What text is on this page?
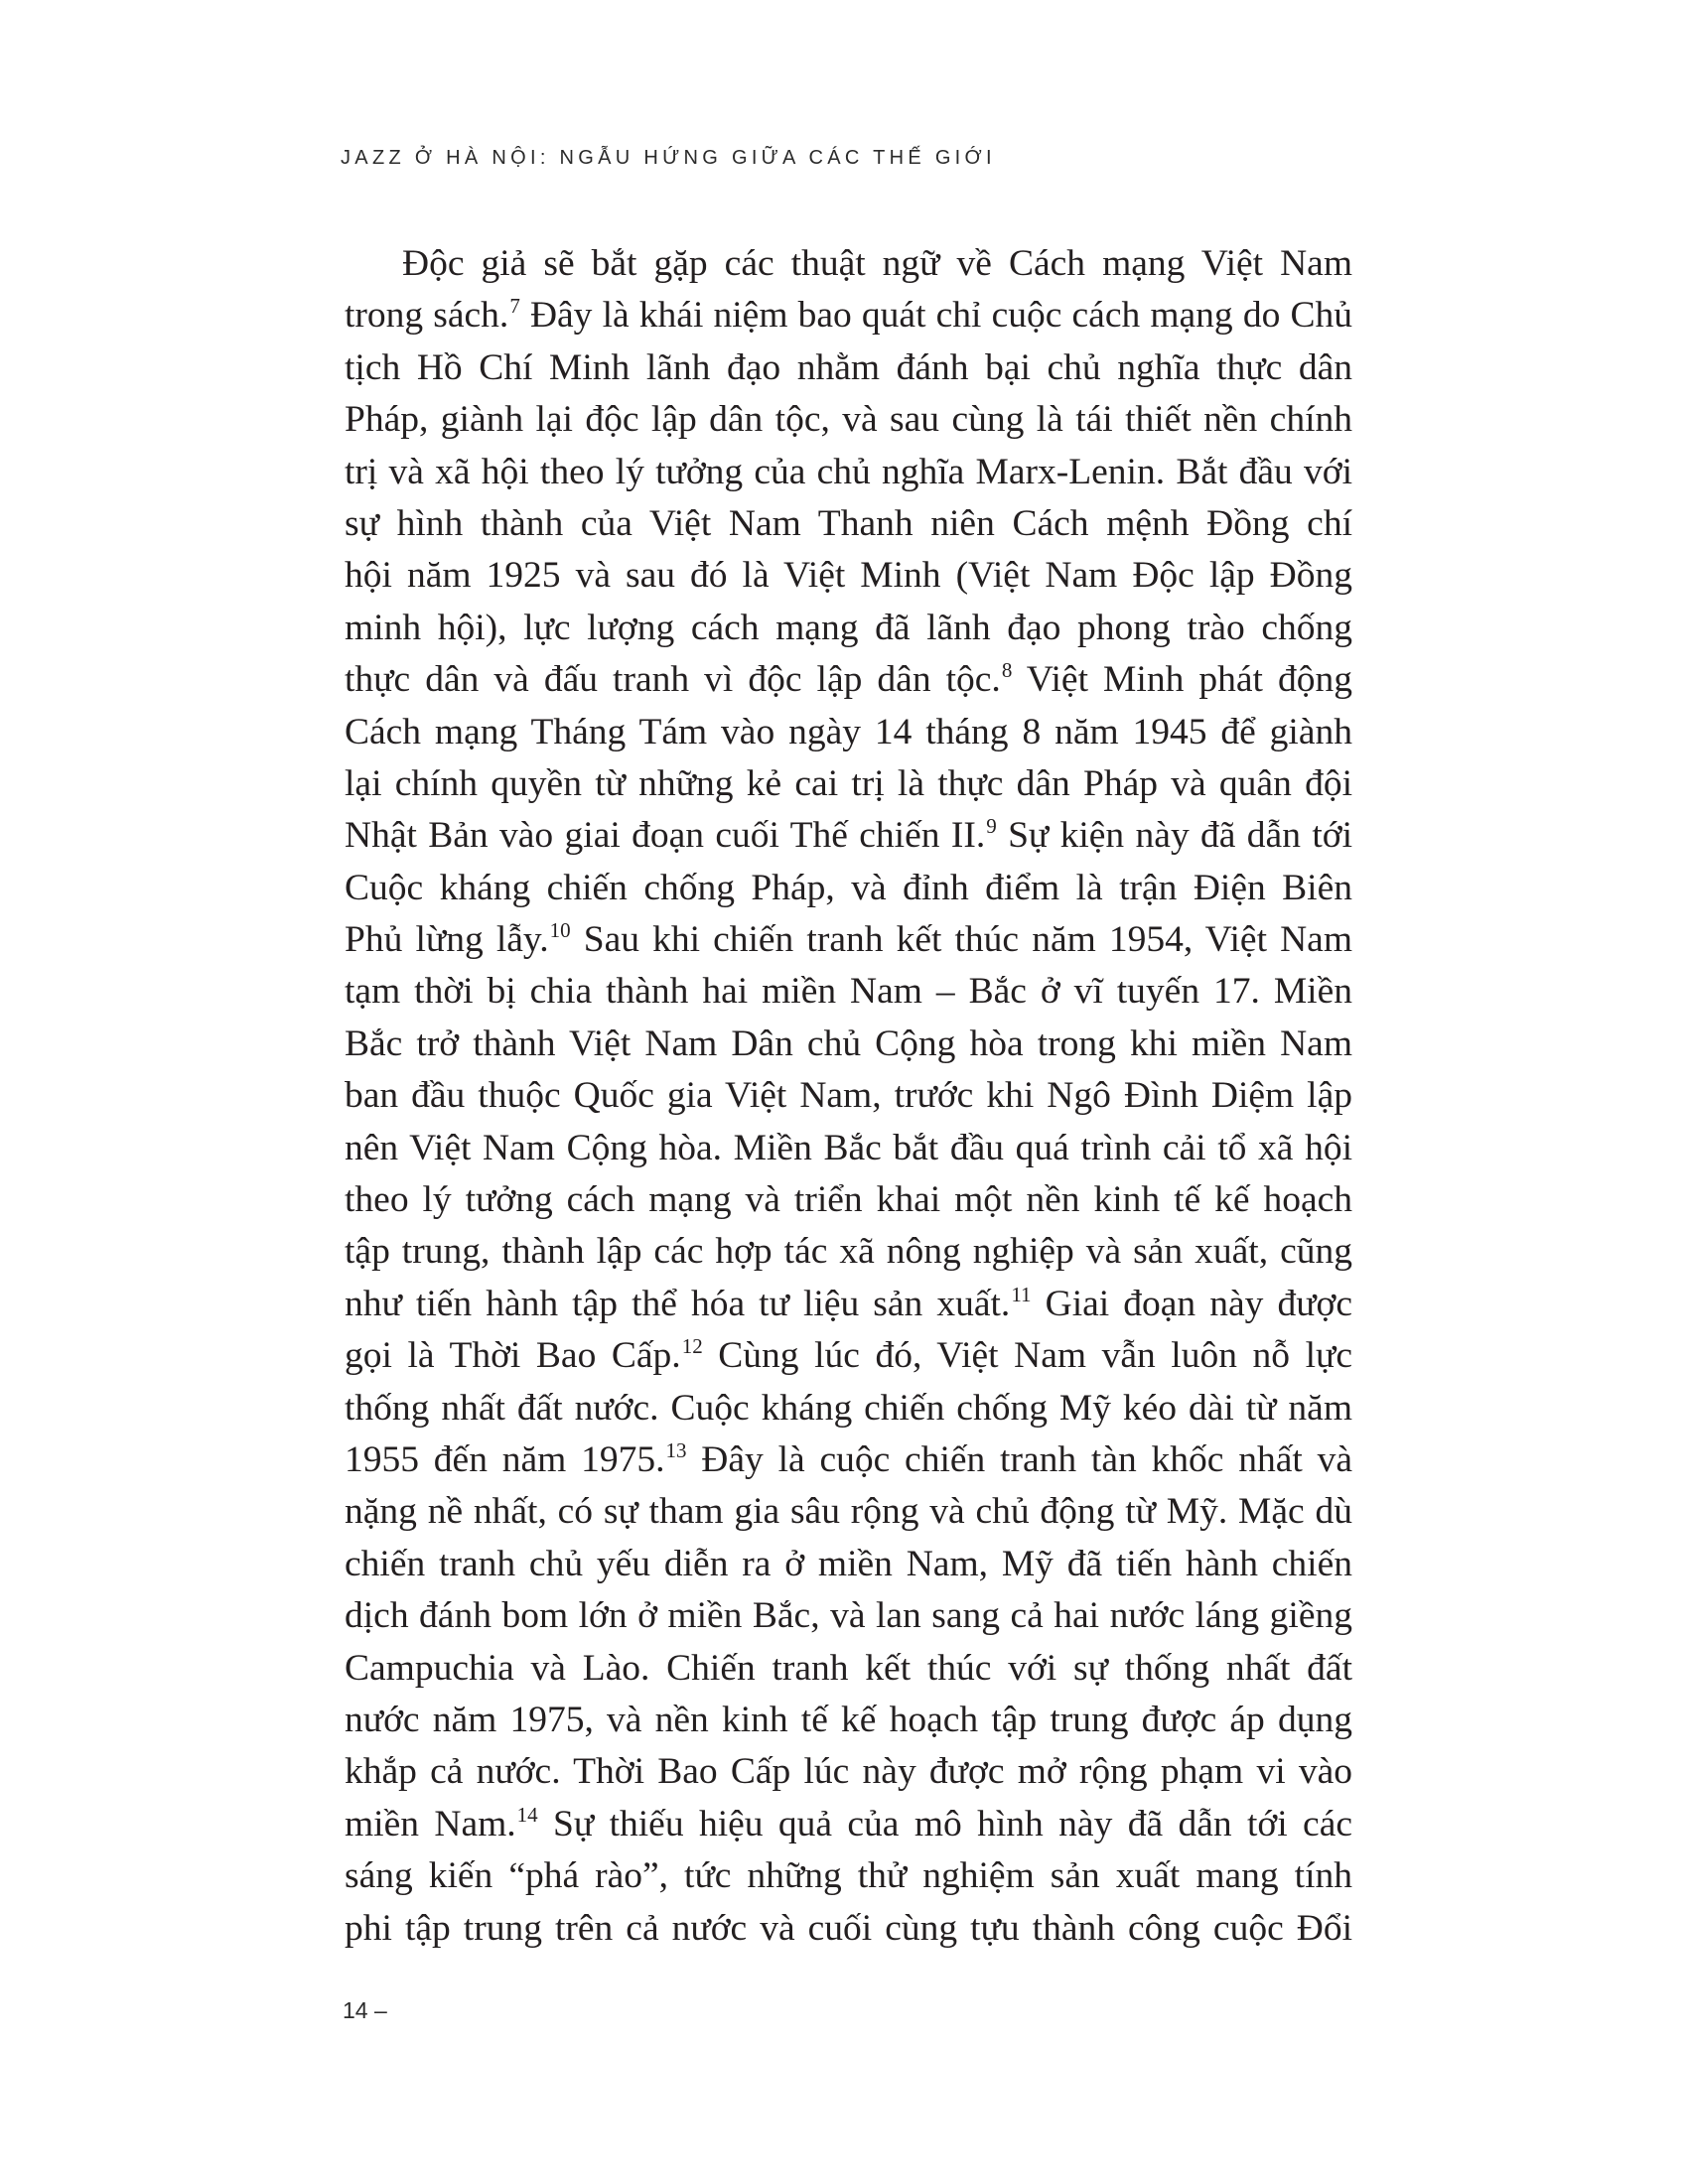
JAZZ Ở HÀ NỘI: NGẪU HỨNG GIỮA CÁC THẾ GIỚI
Độc giả sẽ bắt gặp các thuật ngữ về Cách mạng Việt Nam
trong sách.$^7$ Đây là khái niệm bao quát chỉ cuộc cách mạng do Chủ
tịch Hồ Chí Minh lãnh đạo nhằm đánh bại chủ nghĩa thực dân
Pháp, giành lại độc lập dân tộc, và sau cùng là tái thiết nền chính
trị và xã hội theo lý tưởng của chủ nghĩa Marx-Lenin. Bắt đầu với
sự hình thành của Việt Nam Thanh niên Cách mệnh Đồng chí
hội năm 1925 và sau đó là Việt Minh (Việt Nam Độc lập Đồng
minh hội), lực lượng cách mạng đã lãnh đạo phong trào chống
thực dân và đấu tranh vì độc lập dân tộc.$^8$ Việt Minh phát động
Cách mạng Tháng Tám vào ngày 14 tháng 8 năm 1945 để giành
lại chính quyền từ những kẻ cai trị là thực dân Pháp và quân đội
Nhật Bản vào giai đoạn cuối Thế chiến II.$^9$ Sự kiện này đã dẫn tới
Cuộc kháng chiến chống Pháp, và đỉnh điểm là trận Điện Biên
Phủ lừng lẫy.$^{10}$ Sau khi chiến tranh kết thúc năm 1954, Việt Nam
tạm thời bị chia thành hai miền Nam – Bắc ở vĩ tuyến 17. Miền
Bắc trở thành Việt Nam Dân chủ Cộng hòa trong khi miền Nam
ban đầu thuộc Quốc gia Việt Nam, trước khi Ngô Đình Diệm lập
nên Việt Nam Cộng hòa. Miền Bắc bắt đầu quá trình cải tổ xã hội
theo lý tưởng cách mạng và triển khai một nền kinh tế kế hoạch
tập trung, thành lập các hợp tác xã nông nghiệp và sản xuất, cũng
như tiến hành tập thể hóa tư liệu sản xuất.$^{11}$ Giai đoạn này được
gọi là Thời Bao Cấp.$^{12}$ Cùng lúc đó, Việt Nam vẫn luôn nỗ lực
thống nhất đất nước. Cuộc kháng chiến chống Mỹ kéo dài từ năm
1955 đến năm 1975.13 Đây là cuộc chiến tranh tàn khốc nhất và
nặng nề nhất, có sự tham gia sâu rộng và chủ động từ Mỹ. Mặc dù
chiến tranh chủ yếu diễn ra ở miền Nam, Mỹ đã tiến hành chiến
dịch đánh bom lớn ở miền Bắc, và lan sang cả hai nước láng giềng
Campuchia và Lào. Chiến tranh kết thúc với sự thống nhất đất
nước năm 1975, và nền kinh tế kế hoạch tập trung được áp dụng
khắp cả nước. Thời Bao Cấp lúc này được mở rộng phạm vi vào
miền Nam.$^{14}$ Sự thiếu hiệu quả của mô hình này đã dẫn tới các
sáng kiến “phá rào”, tức những thử nghiệm sản xuất mang tính
phi tập trung trên cả nước và cuối cùng tựu thành công cuộc Đổi
14 –
